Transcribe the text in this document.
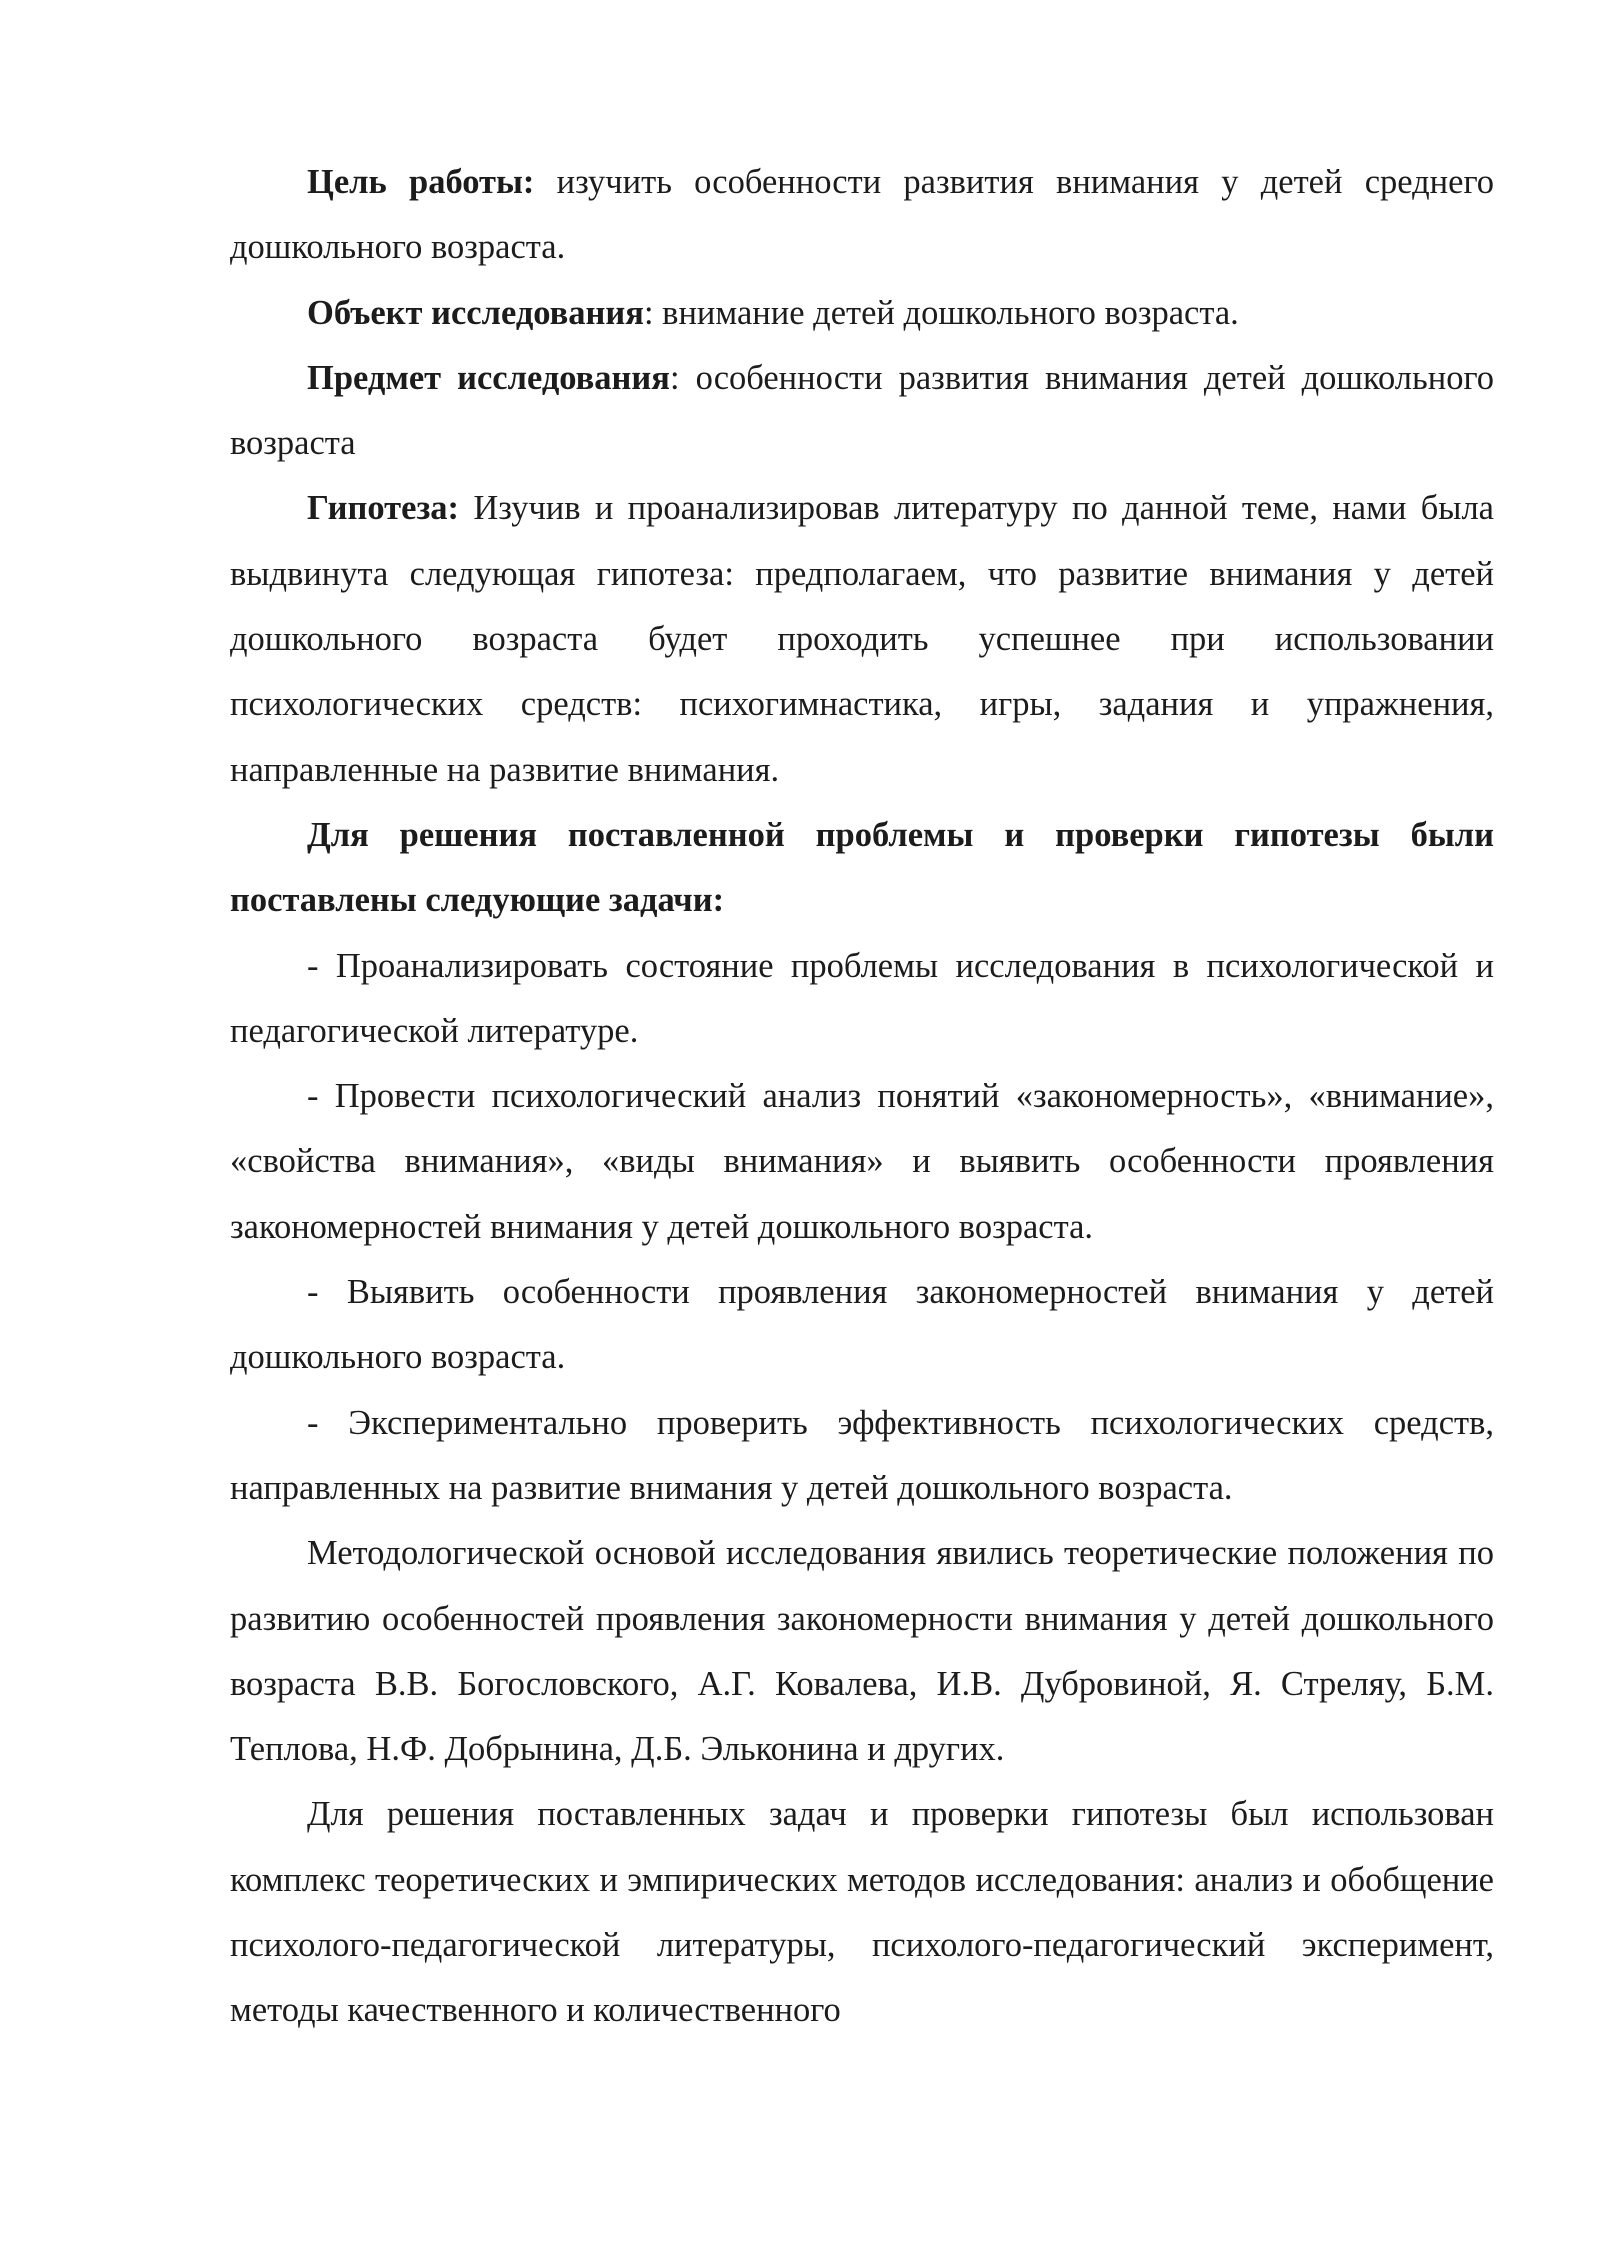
Цель работы: изучить особенности развития внимания у детей среднего дошкольного возраста.

Объект исследования: внимание детей дошкольного возраста.

Предмет исследования: особенности развития внимания детей дошкольного возраста

Гипотеза: Изучив и проанализировав литературу по данной теме, нами была выдвинута следующая гипотеза: предполагаем, что развитие внимания у детей дошкольного возраста будет проходить успешнее при использовании психологических средств: психогимнастика, игры, задания и упражнения, направленные на развитие внимания.

Для решения поставленной проблемы и проверки гипотезы были поставлены следующие задачи:

- Проанализировать состояние проблемы исследования в психологической и педагогической литературе.

- Провести психологический анализ понятий «закономерность», «внимание», «свойства внимания», «виды внимания» и выявить особенности проявления закономерностей внимания у детей дошкольного возраста.

- Выявить особенности проявления закономерностей внимания у детей дошкольного возраста.

- Экспериментально проверить эффективность психологических средств, направленных на развитие внимания у детей дошкольного возраста.

Методологической основой исследования явились теоретические положения по развитию особенностей проявления закономерности внимания у детей дошкольного возраста В.В. Богословского, А.Г. Ковалева, И.В. Дубровиной, Я. Стреляу, Б.М. Теплова, Н.Ф. Добрынина, Д.Б. Эльконина и других.

Для решения поставленных задач и проверки гипотезы был использован комплекс теоретических и эмпирических методов исследования: анализ и обобщение психолого-педагогической литературы, психолого-педагогический эксперимент, методы качественного и количественного
